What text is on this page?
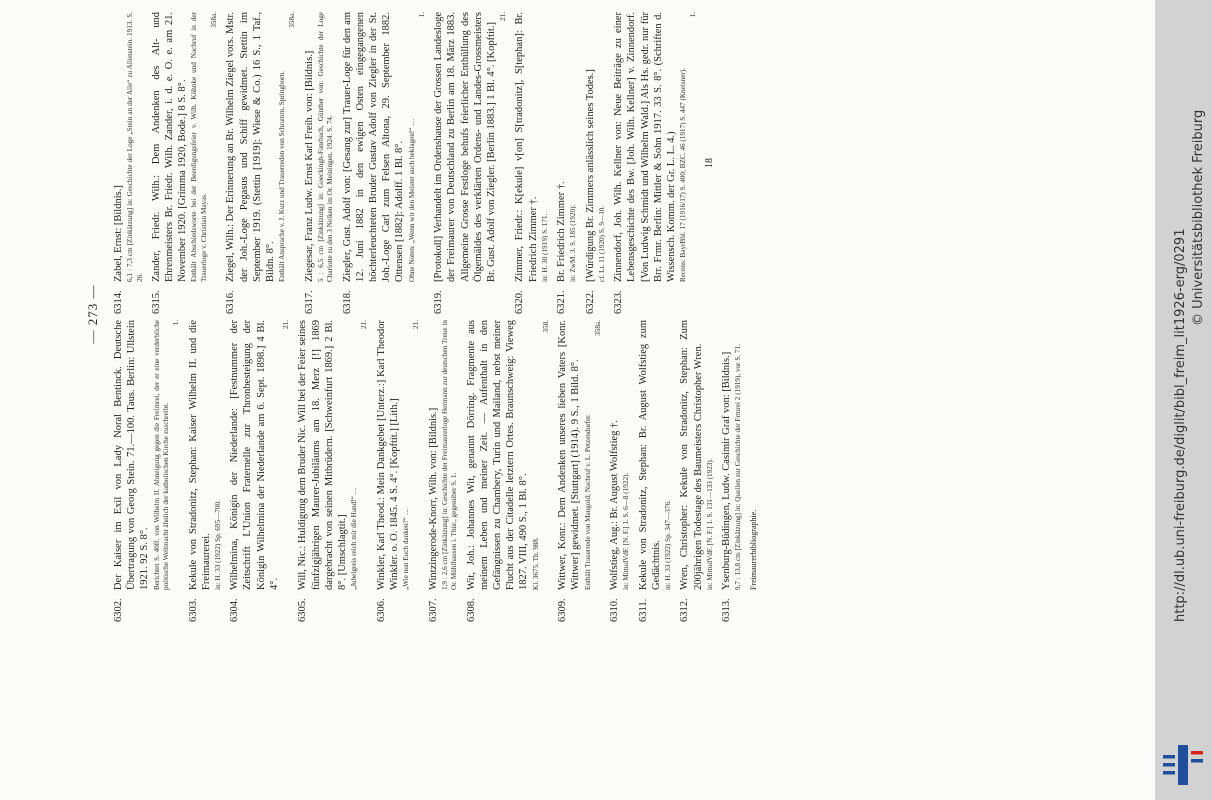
— 273 —
6302.
Der Kaiser im Exil von Lady Noral Bentinck. Deutsche Übertragung von Georg Stein. 71.—100. Taus. Berlin: Ullstein 1921. 92 S. 8°. Berichtet S. 40ff. von Wilhelm II. Abneigung gegen die Freimrei, der er eine verderbliche politische Weltmacht ähnlich der katholischen Kirche zuschreibt.
1.
6303.
Kekule von Stradonitz, Stephan: Kaiser Wilhelm II. und die Freimaurerei. in: H. 33 (1922) Sp. 695—700.
6304.
Wilhelmina, Königin der Niederlande: [Festnummer der Zeitschrift L'Union Fraternelle zur Thronbesteigung der Königin Wilhelmina der Niederlande am 6. Sept. 1898.] 4 Bl. 4°.
21.
6305.
Will, Nic.: Huldigung dem Bruder Nic. Will bei der Feier seines fünfzigjährigen Maurer-Jubiläums am 18. Merz [!] 1869 dargebracht von seinen Mitbrüdern. [Schweinfurt 1869.] 2 Bl. 8°. [Umschlagtit.] „Jubelgreis reich mir die Hand!“ …
21.
6306.
Winkler, Karl Theod.: Mein Dankgebet [Unterz.:] Karl Theodor Winkler. o. O. 1845. 4 S. 4°. [Kopftit.] [Lith.] „Wie nun Euch danken?“ …
21.
6307.
Wintzingerode-Knorr, Wilh. von: [Bildnis.] 1,9 : 2,6 cm [Zinkätzung] in: Geschichte der Freimaurerloge Hermann zur deutschen Treue in Or. Mühlhausen i. Thür., gegenüber S. 1.
6308.
Wit, Joh.: Johannes Wit, genannt Dörring. Fragmente aus meinem Leben und meiner Zeit. — Aufenthalt in den Gefängnissen zu Chambery, Turin und Mailand, nebst meiner Flucht aus der Citadelle letztern Ortes. Braunschweig: Vieweg 1827. VIII, 490 S., 1 Bl. 8°. Kl. 3675. Th. 988.
358.
6309.
Wittwer, Konr.: Dem Andenken unseres lieben Vaters [Konr. Wittwer] gewidmet. [Stuttgart] (1914). 9 S., 1 Bild. 8°. Enthält Trauerrede von Mangold; Nachruf v. L. Petzendorfer.
358a.
6310.
Wolfstieg, Aug.: Br. August Wolfstieg †. in: MittudVdF. [N. F.] 1. S. 6—8 (1922).
6311.
Kekule von Stradonitz, Stephan: Br. August Wolfstieg zum Gedächtnis. in: H. 33 (1922) Sp. 347—376.
6312.
Wren, Christopher: Kekule von Stradonitz, Stephan: Zum 200jährigen Todestage des Baumeisters Christopher Wren. in: MittudVdF. [N. F.] 1. S. 131—133 (1923).
6313.
Ysenburg-Büdingen, Ludw. Casimir Graf von: [Bildnis.] 9,7 : 13,8 cm [Zinkätzung] in: Quellen zur Geschichte der Frmrei 2 (1919), vor S. 71. Freimaurerbibliographie.
6314.
Zabel, Ernst: [Bildnis.] 6,1 : 7,3 cm [Zinkätzung] in: Geschichte der Loge „Stein an der Alle“ zu Allenstein. 1913. S. 26.
6315.
Zander, Friedr. Wilh.: Dem Andenken des Alt- und Ehrenmeisters Br. Friedr. Wilh. Zander, i. d. e. O. e. am 21. November 1920. [Grimma 1920, Bode.] 8 S. 8°. Enthält Abschiedsworte bei der Beerdigungsfeier v. Wilh. Köhnke und Nachruf in der Trauerloge v. Christian Mayas.
358a.
6316.
Ziegel, Wilh.: Der Erinnerung an Br. Wilhelm Ziegel vors. Mstr. der Joh.-Loge Pegasus und Schiff gewidmet. Stettin im September 1919. (Stettin [1919]: Wiese & Co.) 16 S., 1 Taf., Bildn. 8°. Enthält Ansprache v. J. Kurz und Trauerreden von Schramm, Springborn.
358a.
6317.
Ziegesar, Franz Ludw. Ernst Karl Freih. von: [Bildnis.] 5 : 6,5 cm [Zinkätzung] in: Goeckingh-Fanrbach, Günther von: Geschichte der Loge Charlotte zu den 3 Nelken im Or. Meiningen. 1924. S. 74.
6318.
Ziegler, Gust. Adolf von: [Gesang zur] Trauer-Loge für den am 12. Juni 1882 in den ewigen Osten eingegangenen höchterleuchteten Bruder Gustav Adolf von Ziegler in der St. Joh.-Loge Carl zum Felsen Altona, 29. September 1882. Ottensen [1882]: Adolff. 1 Bl. 8°. Ohne Noten: „Wenn wir den Meister auch beklagen!“ …
1.
6319.
[Protokoll] Verhandelt im Ordenshause der Grossen Landesloge der Freimaurer von Deutschland zu Berlin am 18. März 1883. Allgemeine Grosse Festloge behufs feierlicher Enthüllung des Ölgemäldes des verklärten Ordens- und Landes-Grossmeisters Br. Gust. Adolf von Ziegler. [Berlin 1883.] 1 Bl. 4°. [Kopftit.]
21.
6320.
Zimmer, Friedr.: K[ekule] v[on] S[tradonitz], S[tephan]: Br. Friedrich Zimmer †. in: H. 30 (1919) S. 171.
6321.
Br. Friedrich Zimmer †. in: ZwM. 3. S. 185 (1920).
6322.
[Würdigung Br. Zimmers anlässlich seines Todes.] cf. Lt. 11 (1920) S. 9—10.
6323.
Zinnendorf, Joh. Wilh. Kellner von: Neue Beiträge zu einer Lebensgeschichte des Bw. [Joh. Wilh. Kellner] v. Zinnendorf. [Von Ludwig Schmidt und Wilhelm Wald.] Als Hs. gedr. nur für Brr. Frmr. Berlin: Mittler & Sohn 1917. 33 S. 8°. (Schriften d. Wissensch. Komm. der Gr. L. L. 4.) Recens: BayrBbl. 17 (1916/17) S. 400; BZC. 46 (1917) S. 447 (Kneisner).
1.
18
http://dl.ub.uni-freiburg.de/diglit/bibl_freim_lit1926-erg/0291
© Universitätsbibliothek Freiburg
